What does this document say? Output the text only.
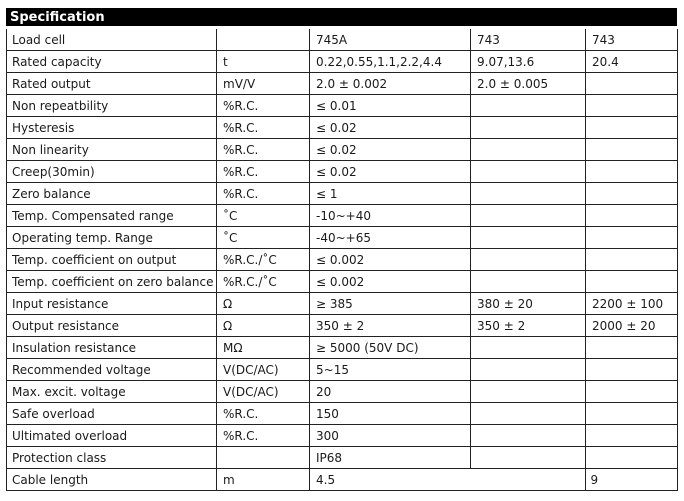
Specification
Load cell		745A	743	743
Rated capacity	t	0.22,0.55,1.1,2.2,4.4	9.07,13.6	20.4
Rated output	mV/V	2.0 ± 0.002	2.0 ± 0.005	
Non repeatbility	%R.C.	≤ 0.01		
Hysteresis	%R.C.	≤ 0.02		
Non linearity	%R.C.	≤ 0.02		
Creep(30min)	%R.C.	≤ 0.02		
Zero balance	%R.C.	≤ 1		
Temp. Compensated range	˚C	-10~+40		
Operating temp. Range	˚C	-40~+65		
Temp. coefficient on output	%R.C./˚C	≤ 0.002		
Temp. coefficient on zero balance	%R.C./˚C	≤ 0.002		
Input resistance	Ω	≥ 385	380 ± 20	2200 ± 100
Output resistance	Ω	350 ± 2	350 ± 2	2000 ± 20
Insulation resistance	MΩ	≥ 5000 (50V DC)		
Recommended voltage	V(DC/AC)	5~15		
Max. excit. voltage	V(DC/AC)	20		
Safe overload	%R.C.	150		
Ultimated overload	%R.C.	300		
Protection class		IP68		
Cable length	m	4.5	9	
